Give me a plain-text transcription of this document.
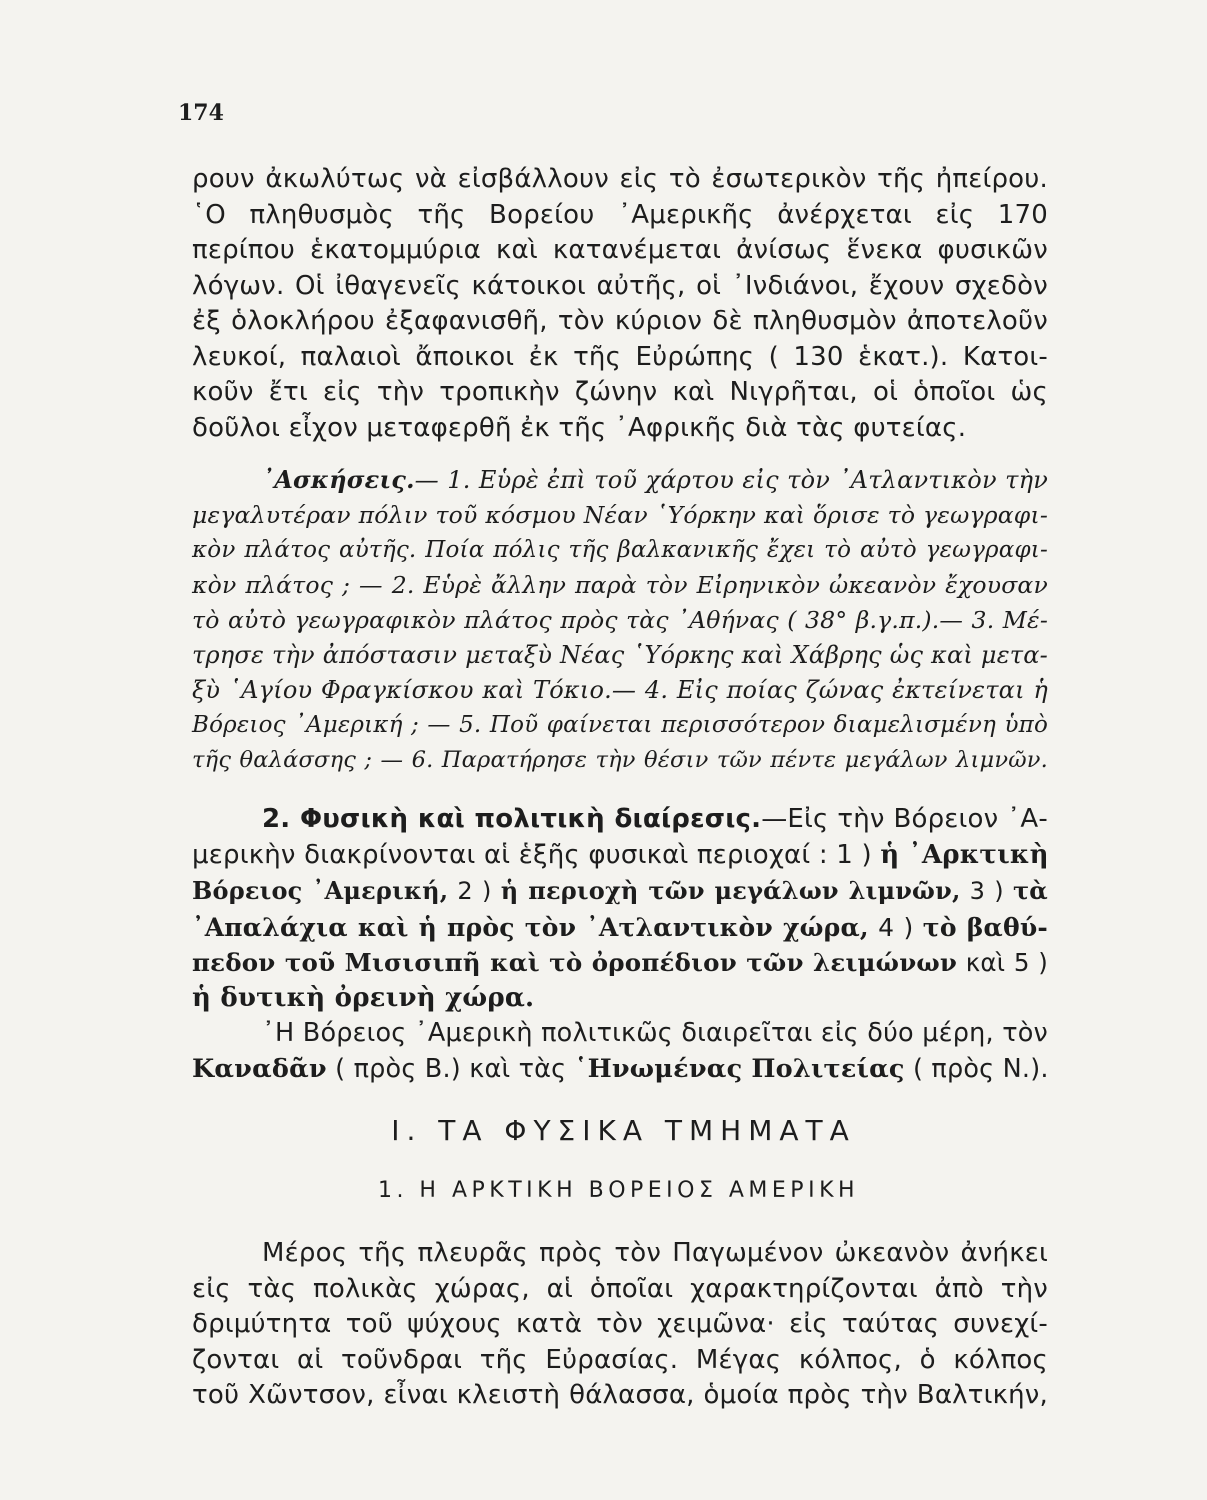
174
ρουν ἀκωλύτως νὰ εἰσβάλλουν εἰς τὸ ἐσωτερικὸν τῆς ἠπείρου.
῾Ο πληθυσμὸς τῆς Βορείου ᾿Αμερικῆς ἀνέρχεται εἰς 170
περίπου ἑκατομμύρια καὶ κατανέμεται ἀνίσως ἕνεκα φυσικῶν
λόγων. Οἱ ἰθαγενεῖς κάτοικοι αὐτῆς, οἱ ᾿Ινδιάνοι, ἔχουν σχεδὸν
ἐξ ὁλοκλήρου ἐξαφανισθῆ, τὸν κύριον δὲ πληθυσμὸν ἀποτελοῦν
λευκοί, παλαιοὶ ἄποικοι ἐκ τῆς Εὐρώπης ( 130 ἑκατ.). Κατοι-
κοῦν ἔτι εἰς τὴν τροπικὴν ζώνην καὶ Νιγρῆται, οἱ ὁποῖοι ὡς
δοῦλοι εἶχον μεταφερθῆ ἐκ τῆς ᾿Αφρικῆς διὰ τὰς φυτείας.
᾿Ασκήσεις.— 1. Εὑρὲ ἐπὶ τοῦ χάρτου εἰς τὸν ᾿Ατλαντικὸν τὴν
μεγαλυτέραν πόλιν τοῦ κόσμου Νέαν ῾Υόρκην καὶ ὅρισε τὸ γεωγραφι-
κὸν πλάτος αὐτῆς. Ποία πόλις τῆς βαλκανικῆς ἔχει τὸ αὐτὸ γεωγραφι-
κὸν πλάτος ; — 2. Εὑρὲ ἄλλην παρὰ τὸν Εἰρηνικὸν ὠκεανὸν ἔχουσαν
τὸ αὐτὸ γεωγραφικὸν πλάτος πρὸς τὰς ᾿Αθήνας ( 38° β.γ.π.).— 3. Μέ-
τρησε τὴν ἀπόστασιν μεταξὺ Νέας ῾Υόρκης καὶ Χάβρης ὡς καὶ μετα-
ξὺ ῾Αγίου Φραγκίσκου καὶ Τόκιο.— 4. Εἰς ποίας ζώνας ἐκτείνεται ἡ
Βόρειος ᾿Αμερική ; — 5. Ποῦ φαίνεται περισσότερον διαμελισμένη ὑπὸ
τῆς θαλάσσης ; — 6. Παρατήρησε τὴν θέσιν τῶν πέντε μεγάλων λιμνῶν.
2. Φυσικὴ καὶ πολιτικὴ διαίρεσις.—Εἰς τὴν Βόρειον ᾿Α-
μερικὴν διακρίνονται αἱ ἑξῆς φυσικαὶ περιοχαί : 1 ) ἡ ᾿Αρκτικὴ
Βόρειος ᾿Αμερική, 2 ) ἡ περιοχὴ τῶν μεγάλων λιμνῶν, 3 ) τὰ
᾿Απαλάχια καὶ ἡ πρὸς τὸν ᾿Ατλαντικὸν χώρα, 4 ) τὸ βαθύ-
πεδον τοῦ Μισισιπῆ καὶ τὸ ὀροπέδιον τῶν λειμώνων καὶ 5 )
ἡ δυτικὴ ὀρεινὴ χώρα.
᾿Η Βόρειος ᾿Αμερικὴ πολιτικῶς διαιρεῖται εἰς δύο μέρη, τὸν
Καναδᾶν ( πρὸς Β.) καὶ τὰς ῾Ηνωμένας Πολιτείας ( πρὸς Ν.).
I. ΤΑ ΦΥΣΙΚΑ ΤΜΗΜΑΤΑ
1. Η ΑΡΚΤΙΚΗ ΒΟΡΕΙΟΣ ΑΜΕΡΙΚΗ
Μέρος τῆς πλευρᾶς πρὸς τὸν Παγωμένον ὠκεανὸν ἀνήκει
εἰς τὰς πολικὰς χώρας, αἱ ὁποῖαι χαρακτηρίζονται ἀπὸ τὴν
δριμύτητα τοῦ ψύχους κατὰ τὸν χειμῶνα· εἰς ταύτας συνεχί-
ζονται αἱ τοῦνδραι τῆς Εὐρασίας. Μέγας κόλπος, ὁ κόλπος
τοῦ Χῶντσον, εἶναι κλειστὴ θάλασσα, ὁμοία πρὸς τὴν Βαλτικήν,
